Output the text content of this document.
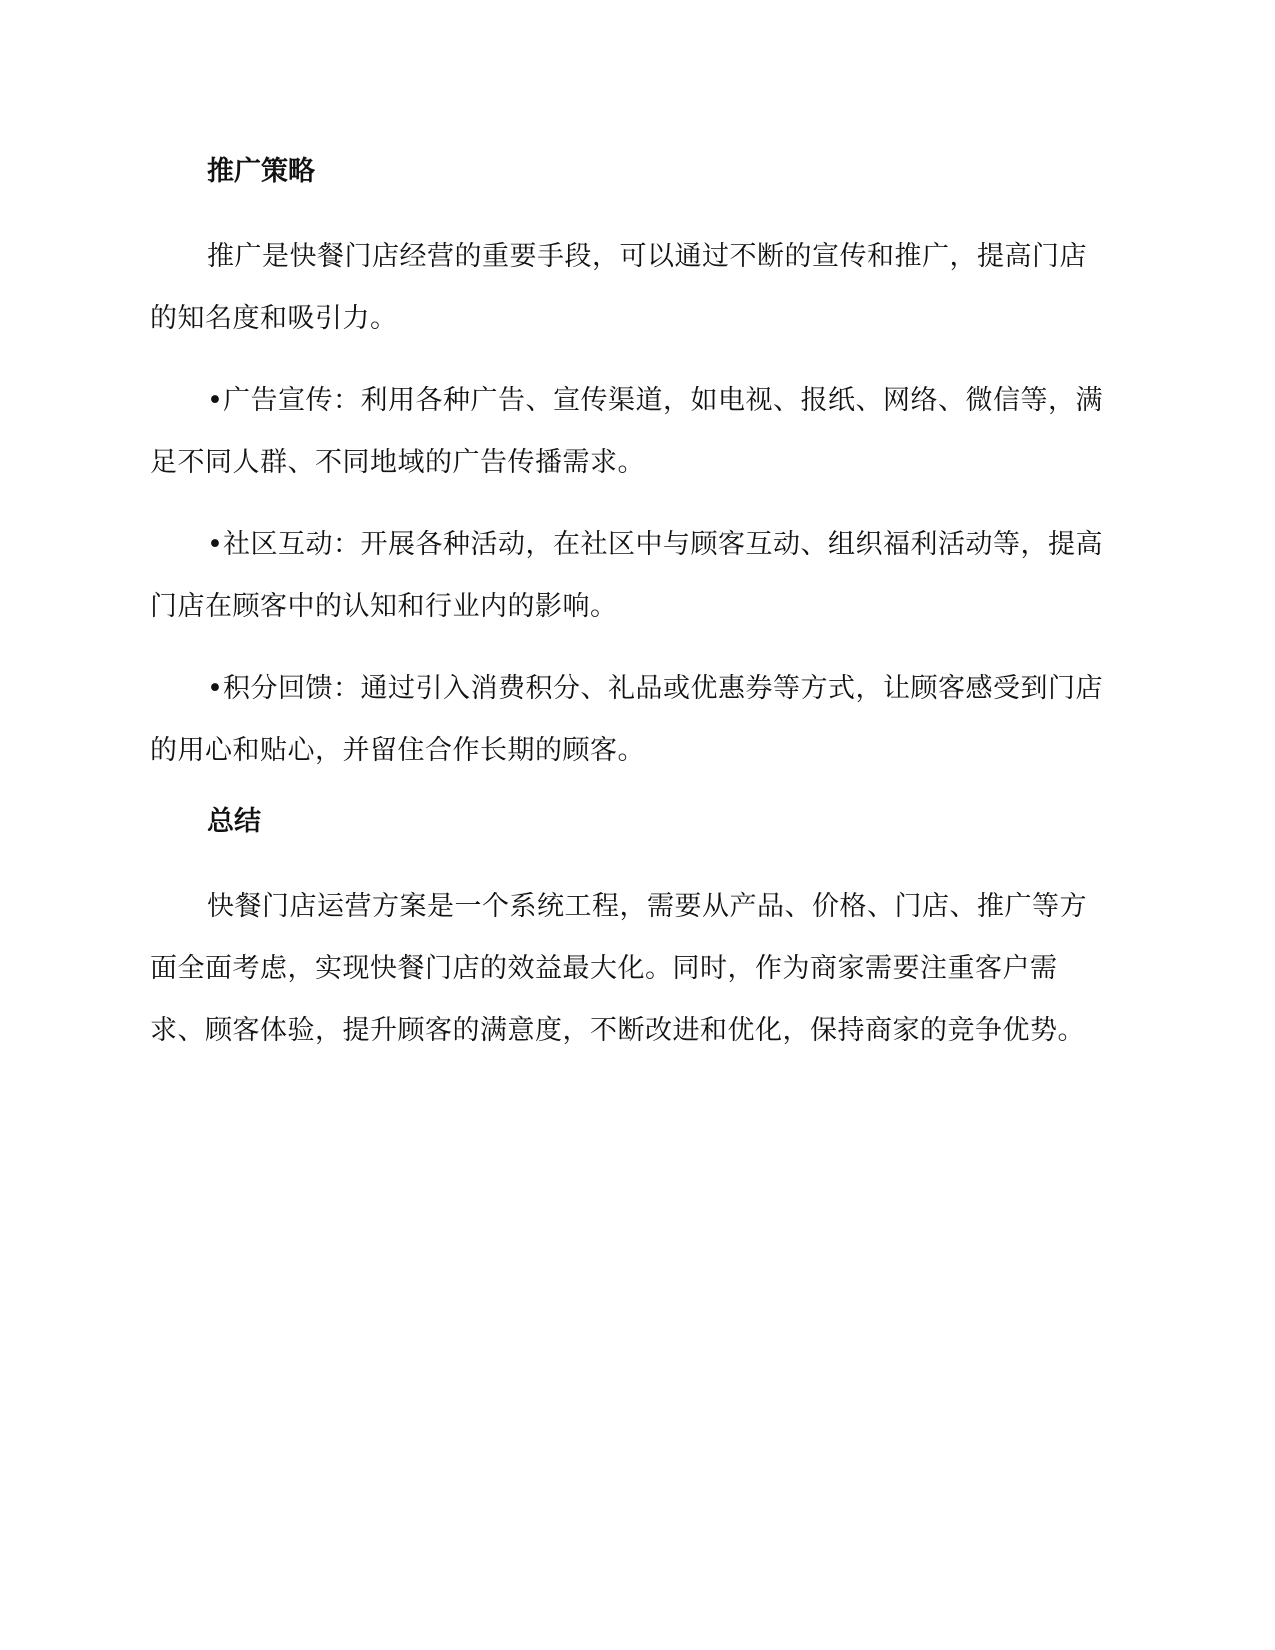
推广策略

推广是快餐门店经营的重要手段，可以通过不断的宣传和推广，提高门店的知名度和吸引力。

•广告宣传：利用各种广告、宣传渠道，如电视、报纸、网络、微信等，满足不同人群、不同地域的广告传播需求。

•社区互动：开展各种活动，在社区中与顾客互动、组织福利活动等，提高门店在顾客中的认知和行业内的影响。

•积分回馈：通过引入消费积分、礼品或优惠券等方式，让顾客感受到门店的用心和贴心，并留住合作长期的顾客。

总结

快餐门店运营方案是一个系统工程，需要从产品、价格、门店、推广等方面全面考虑，实现快餐门店的效益最大化。同时，作为商家需要注重客户需求、顾客体验，提升顾客的满意度，不断改进和优化，保持商家的竞争优势。
